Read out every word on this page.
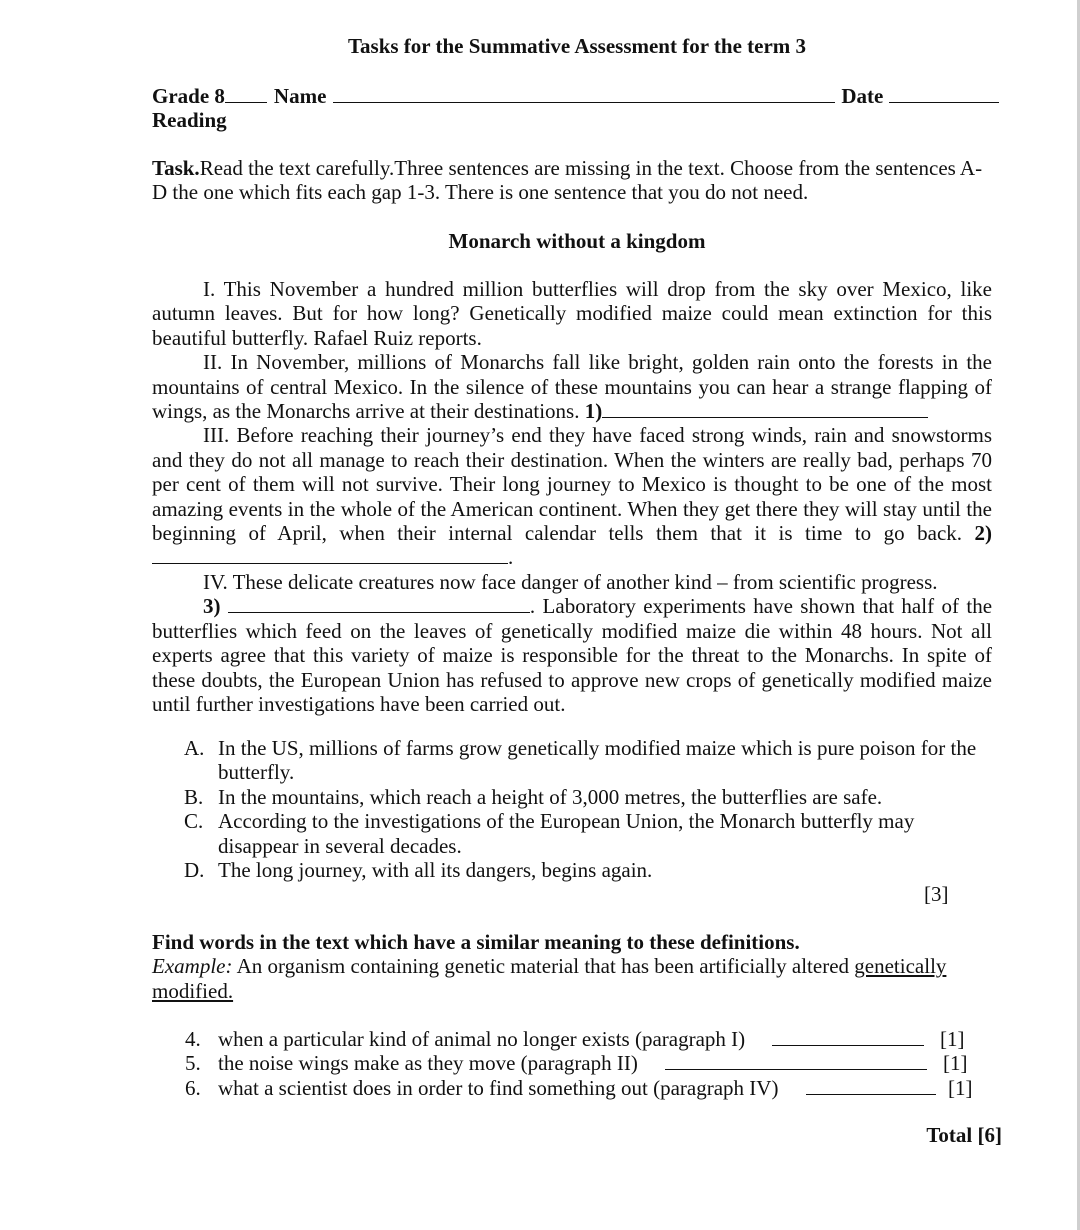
Tasks for the Summative Assessment for the term 3
Grade 8 Name	Date
Reading

Task.Read the text carefully.Three sentences are missing in the text. Choose from the sentences A-D the one which fits each gap 1-3. There is one sentence that you do not need.

Monarch without a kingdom

I. This November a hundred million butterflies will drop from the sky over Mexico, like autumn leaves. But for how long? Genetically modified maize could mean extinction for this beautiful butterfly. Rafael Ruiz reports.

II. In November, millions of Monarchs fall like bright, golden rain onto the forests in the mountains of central Mexico. In the silence of these mountains you can hear a strange flapping of wings, as the Monarchs arrive at their destinations. 1)

III. Before reaching their journey’s end they have faced strong winds, rain and snowstorms and they do not all manage to reach their destination. When the winters are really bad, perhaps 70 per cent of them will not survive. Their long journey to Mexico is thought to be one of the most amazing events in the whole of the American continent. When they get there they will stay until the beginning of April, when their internal calendar tells them that it is time to go back. 2).

IV. These delicate creatures now face danger of another kind – from scientific progress.

3)	. Laboratory experiments have shown that half of the butterflies which feed on the leaves of genetically modified maize die within 48 hours. Not all experts agree that this variety of maize is responsible for the threat to the Monarchs. In spite of these doubts, the European Union has refused to approve new crops of genetically modified maize until further investigations have been carried out.

A. In the US, millions of farms grow genetically modified maize which is pure poison for the butterfly.
B. In the mountains, which reach a height of 3,000 metres, the butterflies are safe.
C. According to the investigations of the European Union, the Monarch butterfly may disappear in several decades.
D. The long journey, with all its dangers, begins again.
[3]
Find words in the text which have a similar meaning to these definitions.
Example: An organism containing genetic material that has been artificially altered genetically modified.
4. when a particular kind of animal no longer exists (paragraph I)	[1]
5. the noise wings make as they move (paragraph II)	[1]
6. what a scientist does in order to find something out (paragraph IV)	[1]
Total [6]
